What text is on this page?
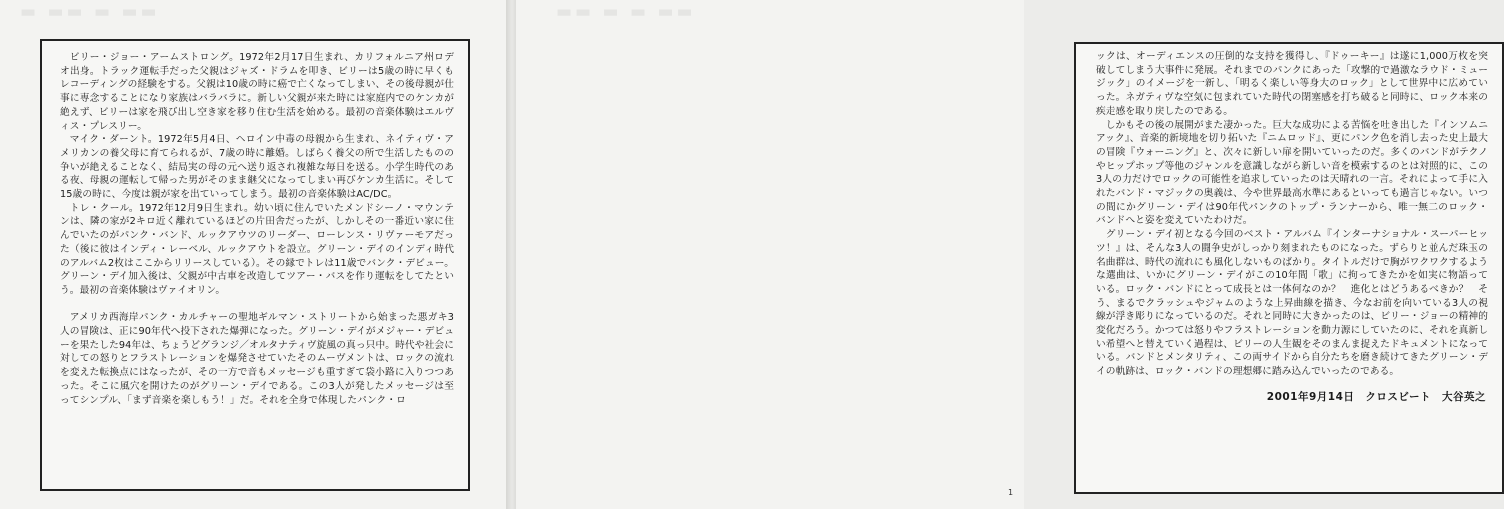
▬ ▬▬ ▬ ▬▬

ビリー・ジョー・アームストロング。1972年2月17日生まれ、カリフォルニア州ロデオ出身。トラック運転手だった父親はジャズ・ドラムを叩き、ビリーは5歳の時に早くもレコーディングの経験をする。父親は10歳の時に癌で亡くなってしまい、その後母親が仕事に専念することになり家族はバラバラに。新しい父親が来た時には家庭内でのケンカが絶えず、ビリーは家を飛び出し空き家を移り住む生活を始める。最初の音楽体験はエルヴィス・プレスリー。

マイク・ダーント。1972年5月4日、ヘロイン中毒の母親から生まれ、ネイティヴ・アメリカンの養父母に育てられるが、7歳の時に離婚。しばらく養父の所で生活したものの争いが絶えることなく、結局実の母の元へ送り返され複雑な毎日を送る。小学生時代のある夜、母親の運転して帰った男がそのまま継父になってしまい再びケンカ生活に。そして15歳の時に、今度は親が家を出ていってしまう。最初の音楽体験はAC/DC。

トレ・クール。1972年12月9日生まれ。幼い頃に住んでいたメンドシーノ・マウンテンは、隣の家が2キロ近く離れているほどの片田舎だったが、しかしその一番近い家に住んでいたのがパンク・バンド、ルックアウツのリーダー、ローレンス・リヴァーモアだった（後に彼はインディ・レーベル、ルックアウトを設立。グリーン・デイのインディ時代のアルバム2枚はここからリリースしている）。その縁でトレは11歳でバンク・デビュー。グリーン・デイ加入後は、父親が中古車を改造してツアー・バスを作り運転をしてたという。最初の音楽体験はヴァイオリン。

アメリカ西海岸パンク・カルチャーの聖地ギルマン・ストリートから始まった悪ガキ3人の冒険は、正に90年代へ投下された爆弾になった。グリーン・デイがメジャー・デビューを果たした94年は、ちょうどグランジ／オルタナティヴ旋風の真っ只中。時代や社会に対しての怒りとフラストレーションを爆発させていたそのムーヴメントは、ロックの流れを変えた転換点にはなったが、その一方で音もメッセージも重すぎて袋小路に入りつつあった。そこに風穴を開けたのがグリーン・デイである。この3人が発したメッセージは至ってシンプル、「まず音楽を楽しもう！」だ。それを全身で体現したパンク・ロ

▬▬ ▬ ▬ ▬▬

ックは、オーディエンスの圧倒的な支持を獲得し、『ドゥーキー』は遂に1,000万枚を突破してしまう大事件に発展。それまでのパンクにあった「攻撃的で過激なラウド・ミュージック」のイメージを一新し、「明るく楽しい等身大のロック」として世界中に広めていった。ネガティヴな空気に包まれていた時代の閉塞感を打ち破ると同時に、ロック本来の疾走感を取り戻したのである。

しかもその後の展開がまた凄かった。巨大な成功による苦悩を吐き出した『インソムニアック』、音楽的新境地を切り拓いた『ニムロッド』、更にパンク色を消し去った史上最大の冒険『ウォーニング』と、次々に新しい扉を開いていったのだ。多くのバンドがテクノやヒップホップ等他のジャンルを意識しながら新しい音を模索するのとは対照的に、この3人の力だけでロックの可能性を追求していったのは天晴れの一言。それによって手に入れたバンド・マジックの奥義は、今や世界最高水準にあるといっても過言じゃない。いつの間にかグリーン・デイは90年代パンクのトップ・ランナーから、唯一無二のロック・バンドへと姿を変えていたわけだ。

グリーン・デイ初となる今回のベスト・アルバム『インターナショナル・スーパーヒッツ！』は、そんな3人の闘争史がしっかり刻まれたものになった。ずらりと並んだ珠玉の名曲群は、時代の流れにも風化しないものばかり。タイトルだけで胸がワクワクするような選曲は、いかにグリーン・デイがこの10年間「歌」に拘ってきたかを如実に物語っている。ロック・バンドにとって成長とは一体何なのか？　進化とはどうあるべきか？　そう、まるでクラッシュやジャムのような上昇曲線を描き、今なお前を向いている3人の視線が浮き彫りになっているのだ。それと同時に大きかったのは、ビリー・ジョーの精神的変化だろう。かつては怒りやフラストレーションを動力源にしていたのに、それを真新しい希望へと替えていく過程は、ビリーの人生観をそのまんま捉えたドキュメントになっている。バンドとメンタリティ、この両サイドから自分たちを磨き続けてきたグリーン・デイの軌跡は、ロック・バンドの理想郷に踏み込んでいったのである。

2001年9月14日　クロスビート　大谷英之
1
